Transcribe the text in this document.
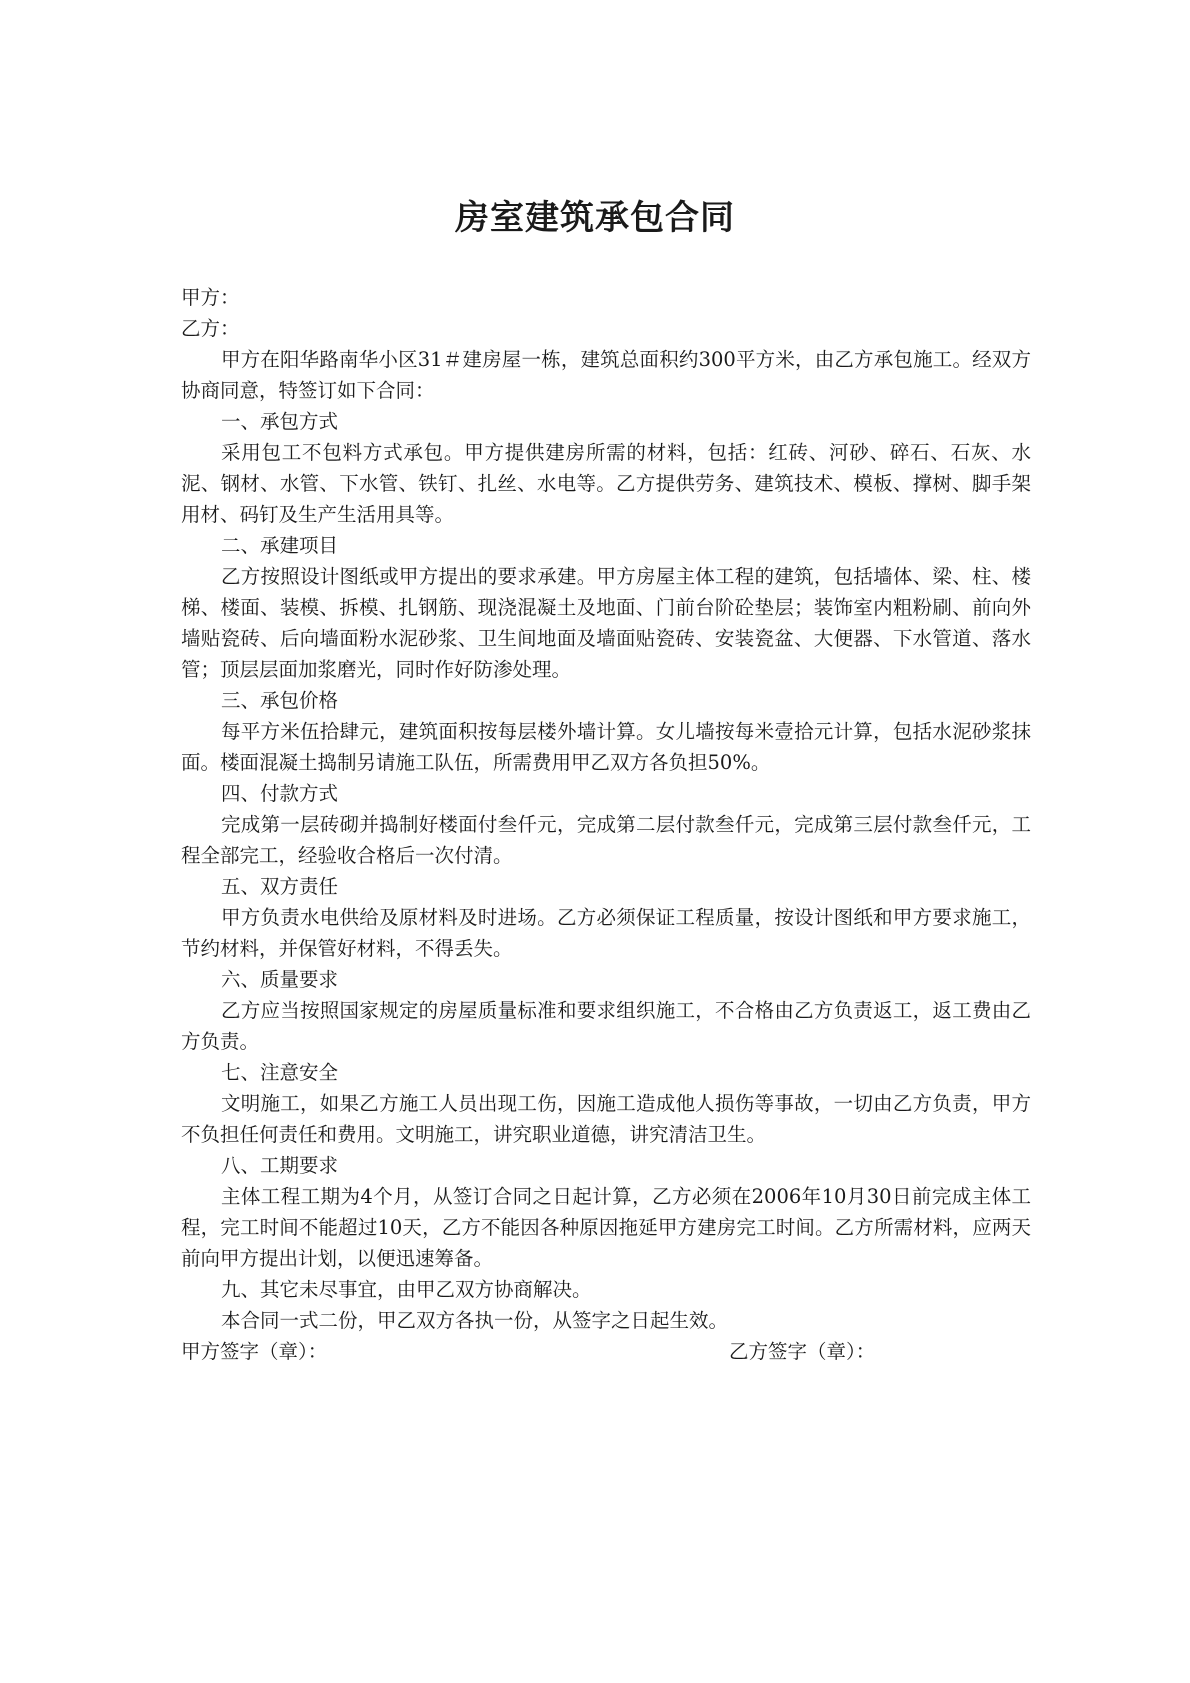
房室建筑承包合同

甲方：

乙方：

甲方在阳华路南华小区31＃建房屋一栋，建筑总面积约300平方米，由乙方承包施工。经双方协商同意，特签订如下合同：

一、承包方式

采用包工不包料方式承包。甲方提供建房所需的材料，包括：红砖、河砂、碎石、石灰、水泥、钢材、水管、下水管、铁钉、扎丝、水电等。乙方提供劳务、建筑技术、模板、撑树、脚手架用材、码钉及生产生活用具等。

二、承建项目

乙方按照设计图纸或甲方提出的要求承建。甲方房屋主体工程的建筑，包括墙体、梁、柱、楼梯、楼面、装模、拆模、扎钢筋、现浇混凝土及地面、门前台阶砼垫层；装饰室内粗粉刷、前向外墙贴瓷砖、后向墙面粉水泥砂浆、卫生间地面及墙面贴瓷砖、安装瓷盆、大便器、下水管道、落水管；顶层层面加浆磨光，同时作好防渗处理。

三、承包价格

每平方米伍拾肆元，建筑面积按每层楼外墙计算。女儿墙按每米壹拾元计算，包括水泥砂浆抹面。楼面混凝土捣制另请施工队伍，所需费用甲乙双方各负担50%。

四、付款方式

完成第一层砖砌并捣制好楼面付叁仟元，完成第二层付款叁仟元，完成第三层付款叁仟元，工程全部完工，经验收合格后一次付清。

五、双方责任

甲方负责水电供给及原材料及时进场。乙方必须保证工程质量，按设计图纸和甲方要求施工，节约材料，并保管好材料，不得丢失。

六、质量要求

乙方应当按照国家规定的房屋质量标准和要求组织施工，不合格由乙方负责返工，返工费由乙方负责。

七、注意安全

文明施工，如果乙方施工人员出现工伤，因施工造成他人损伤等事故，一切由乙方负责，甲方不负担任何责任和费用。文明施工，讲究职业道德，讲究清洁卫生。

八、工期要求

主体工程工期为4个月，从签订合同之日起计算，乙方必须在2006年10月30日前完成主体工程，完工时间不能超过10天，乙方不能因各种原因拖延甲方建房完工时间。乙方所需材料，应两天前向甲方提出计划，以便迅速筹备。

九、其它未尽事宜，由甲乙双方协商解决。

本合同一式二份，甲乙双方各执一份，从签字之日起生效。

甲方签字（章）：	乙方签字（章）：
